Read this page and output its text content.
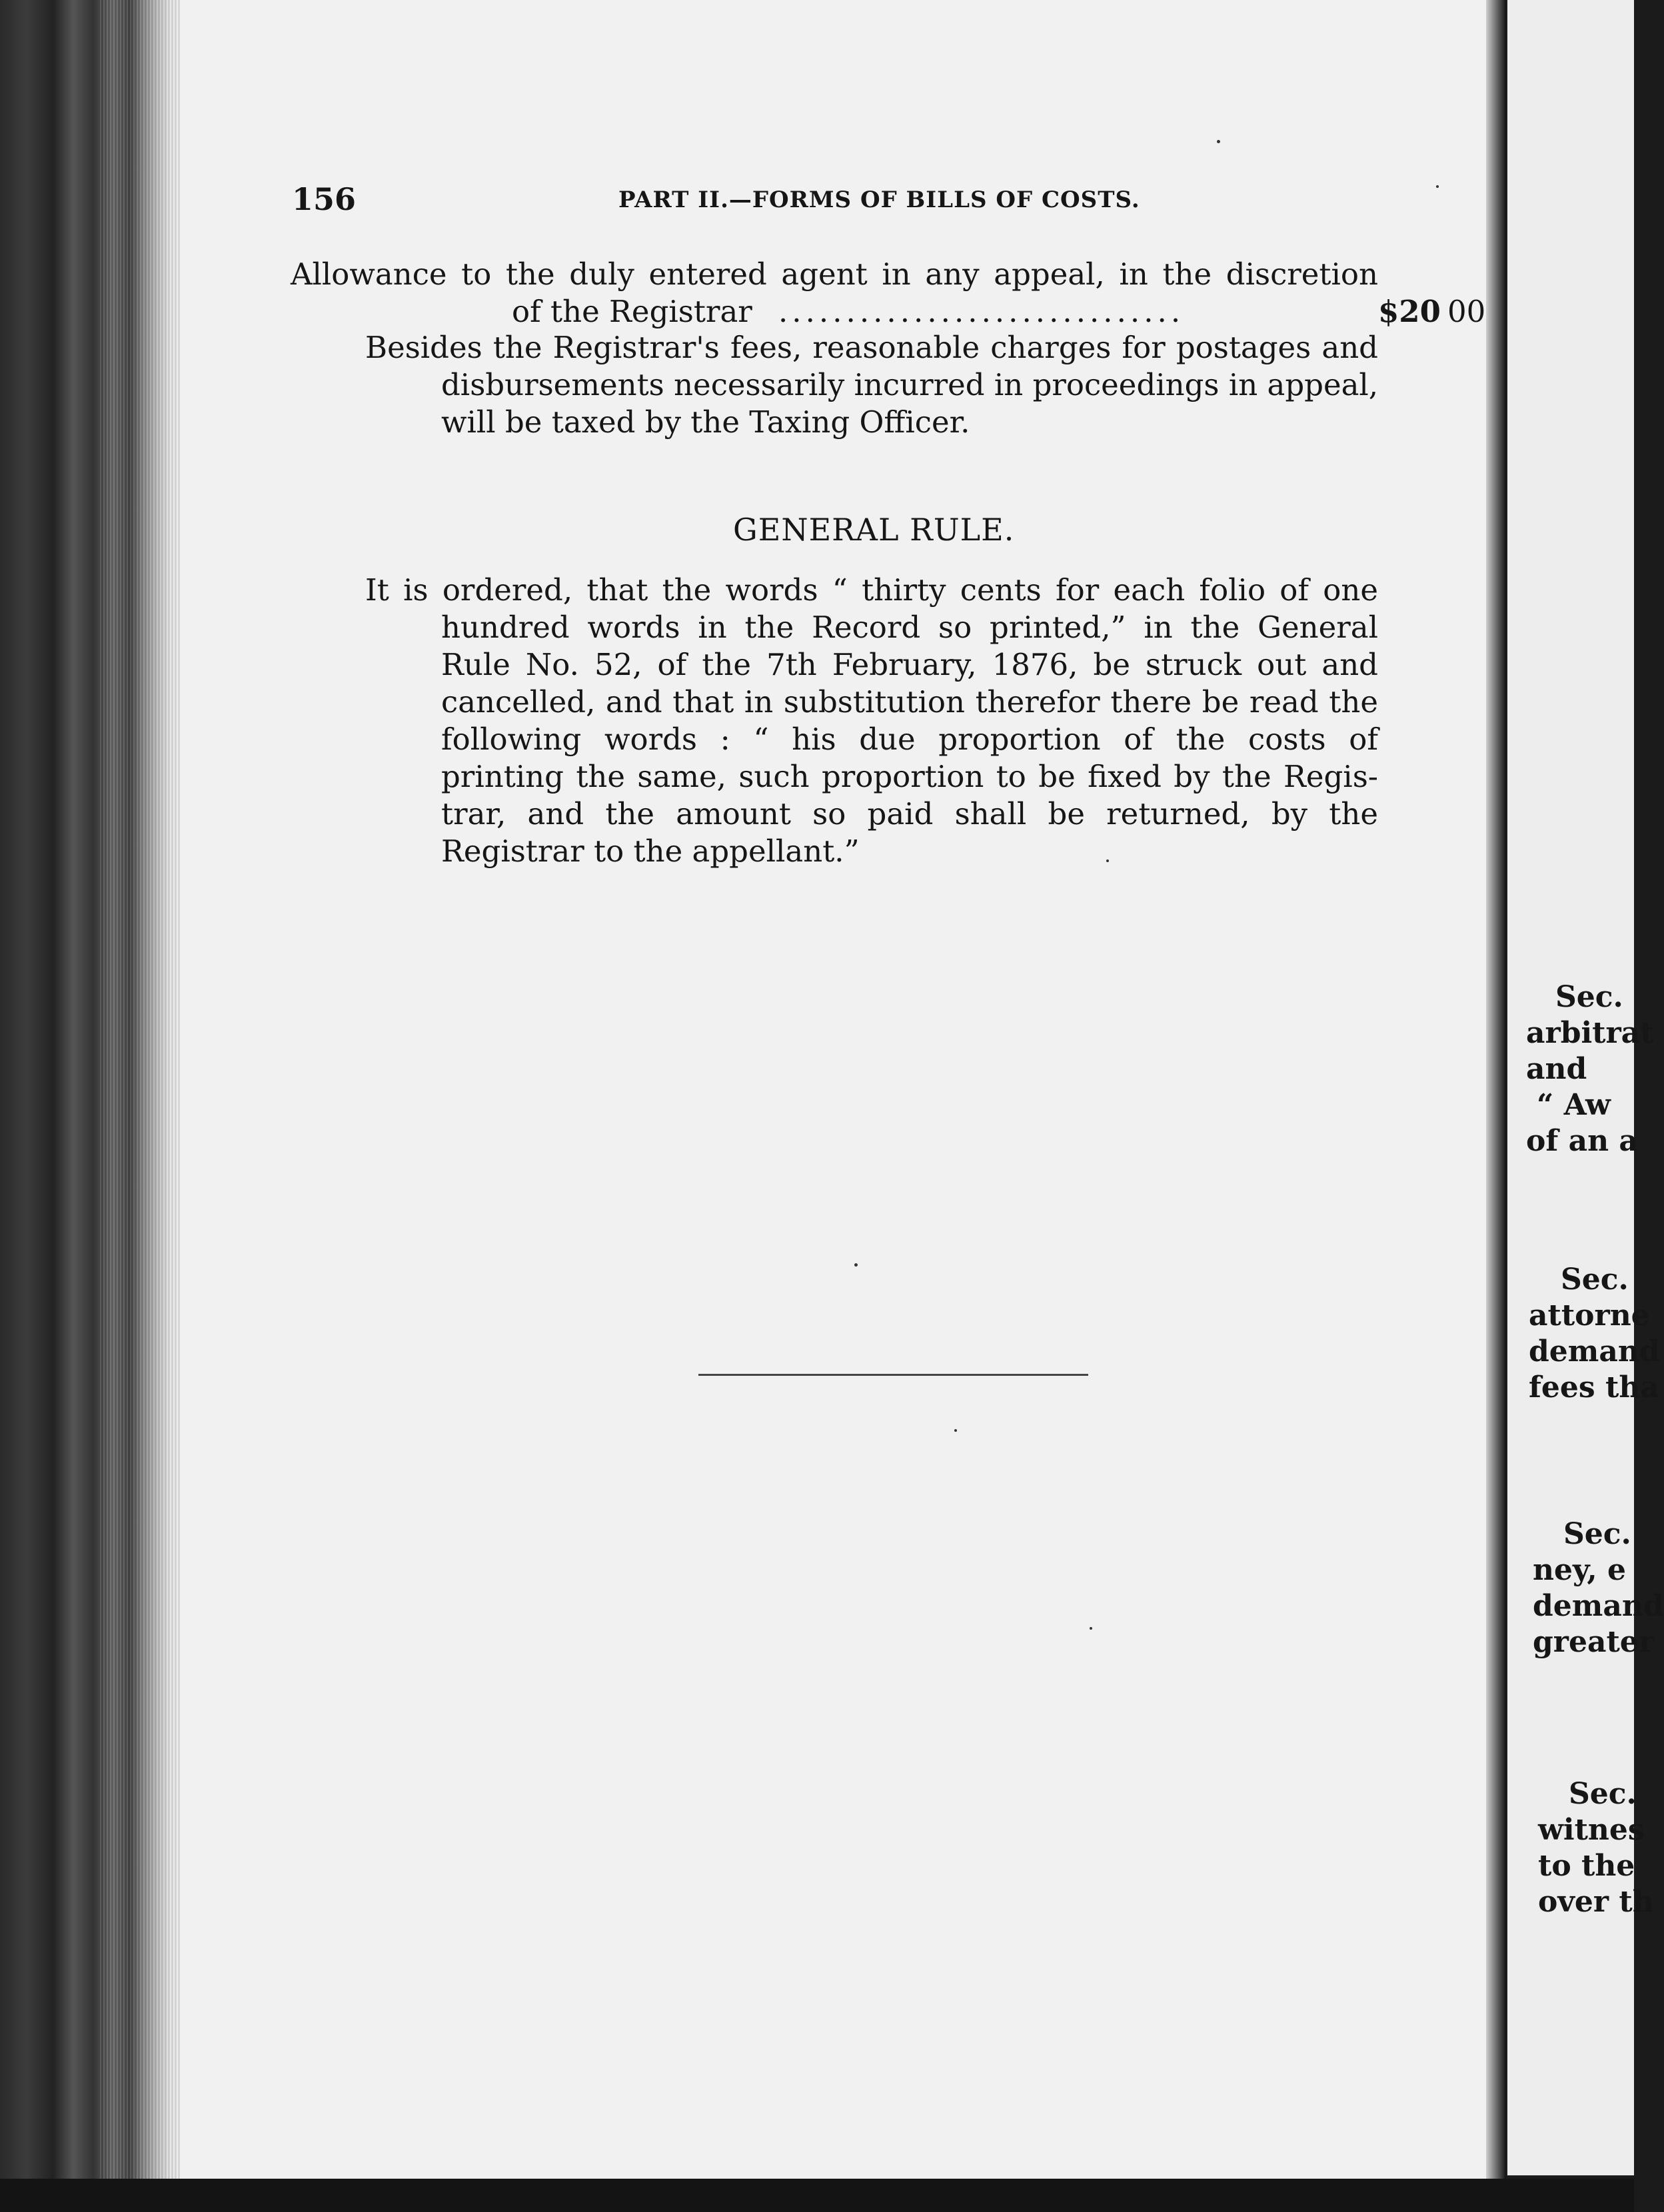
156	PART II.—FORMS OF BILLS OF COSTS.
Allowance to the duly entered agent in any appeal, in the discretion
of the Registrar ..............................	$20 00
Besides the Registrar's fees, reasonable charges for postages and
disbursements necessarily incurred in proceedings in appeal,
will be taxed by the Taxing Officer.
GENERAL RULE.
It is ordered, that the words “ thirty cents for each folio of one
hundred words in the Record so printed,” in the General
Rule No. 52, of the 7th February, 1876, be struck out and
cancelled, and that in substitution therefor there be read the
following words : “ his due proportion of the costs of
printing the same, such proportion to be fixed by the Regis-
trar, and the amount so paid shall be returned, by the
Registrar to the appellant.”
Sec.
arbitrat
and
“ Aw
of an a
Sec.
attorne
demand
fees tha
Sec.
ney, e
demand
greater
Sec.
witnes
to the
over th
